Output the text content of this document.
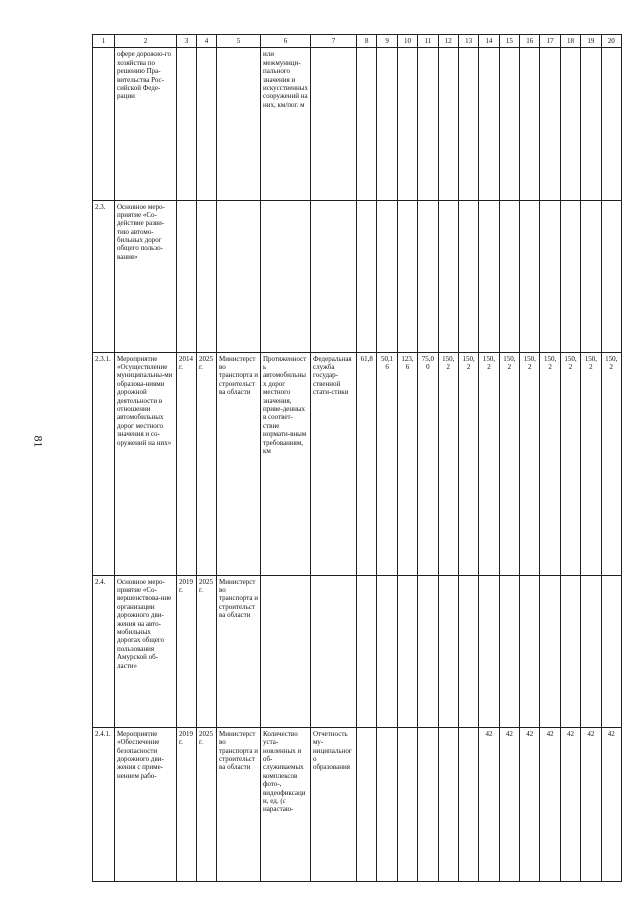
81
1	2	3	4	5	6	7	8	9	10	11	12	13	14	15	16	17	18	19	20
	офере дорожно-го хозяйства по решению Пра-вительства Рос-сийской Феде-рации				или межмуници-пального значения и искусственных сооружений на них, км/пог. м														
2.3.	Основное меро-приятие «Со-действие разви-тию автомо-бильных дорог общего пользо-вания»																		
2.3.1.	Мероприятие «Осуществление муниципальны-ми образова-ниями дорожной деятельности в отношении автомобильных дорог местного значения и со-оружений на них»	2014 г.	2025 г.	Министерство транспорта и строительства области	Протяженность автомобильных дорог местного значения, приве-денных в соответ-ствие нормати-вным требованиям, км	Федеральная служба государ-ственной стати-стики	61,8	50,16	123,6	75,00	150,2	150,2	150,2	150,2	150,2	150,2	150,2	150,2	150,2
2.4.	Основное меро-приятие «Со-вершенствова-ние организации дорожного дви-жения на авто-мобильных дорогах общего пользования Амурской об-ласти»	2019 г.	2025 г.	Министерство транспорта и строительства области															
2.4.1.	Мероприятие «Обеспечение безопасности дорожного дви-жения с приме-нением рабо-	2019 г.	2025 г.	Министерство транспорта и строительства области	Количество уста-новленных и об-служиваемых комплексов фото-, видеофиксации, ед. (с нарастаю-	Отчетность му-ниципального образования							42	42	42	42	42	42	42
